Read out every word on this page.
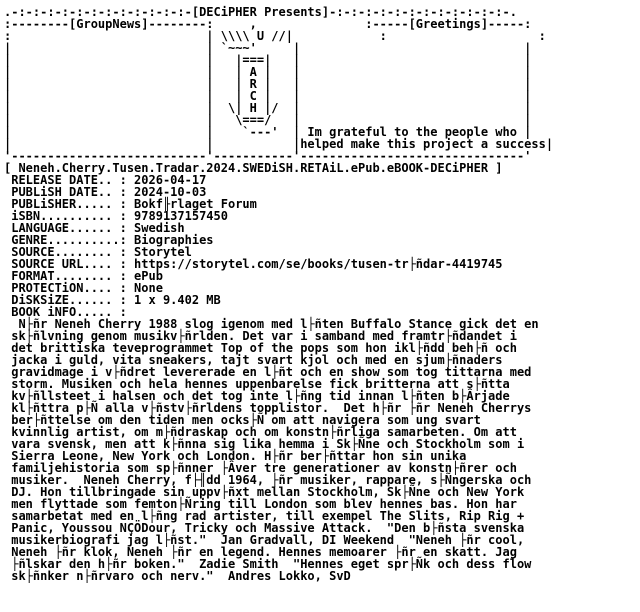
.-:-:-:-:-:-:-:-:-:-:-:-:-[DECiPHER Presents]-:-:-:-:-:-:-:-:-:-:-:-:-.
:--------[GroupNews]--------:     ,               :-----[Greetings]-----:
:                           | \\\\ U //|            :                     :
|                           | `~~~'     |                               |
|                           |   |===|   |                               |
|                           |   | A |   |                               |
|                           |   | R |   |                               |
|                           |   | C |   |                               |
|                           |  \| H |/  |                               |
|                           |   \===/   |                               |
|                           |    `---'  | Im grateful to the people who |
|                           |           |helped make this project a success|
'---------------------------'-----------'-------------------------------'
[ Neneh.Cherry.Tusen.Tradar.2024.SWEDiSH.RETAiL.ePub.eBOOK-DECiPHER ]
RELEASE DATE.. : 2026-04-17
PUBLiSH DATE.. : 2024-10-03
PUBLiSHER..... : Bokf╟rlaget Forum
iSBN.......... : 9789137157450
LANGUAGE...... : Swedish
GENRE..........: Biographies
SOURCE........ : Storytel
SOURCE URL.... : https://storytel.com/se/books/tusen-tr├ñdar-4419745
FORMAT........ : ePub
PROTECTiON.... : None
DiSKSiZE...... : 1 x 9.402 MB
BOOK iNFO..... :
N├ñr Neneh Cherry 1988 slog igenom med l├ñten Buffalo Stance gick det en
sk├ñlvning genom musikv├ñrlden. Det var i samband med framtr├ñdandet i
det brittiska teveprogrammet Top of the pops som hon ikl├ñdd beh├ñ och
jacka i guld, vita sneakers, tajt svart kjol och med en sjum├ñnaders
gravidmage i v├ñdret levererade en l├ñt och en show som tog tittarna med
storm. Musiken och hela hennes uppenbarelse fick britterna att s├ñtta
kv├ñllsteet i halsen och det tog inte l├ñng tid innan l├ñten b├Ârjade
kl├ñttra p├Ñ alla v├ñstv├ñrldens topplistor.  Det h├ñr ├ñr Neneh Cherrys
ber├ñttelse om den tiden men ocks├Ñ om att navigera som ung svart
kvinnlig artist, om m├ñdraskap och om konstn├ñrliga samarbeten. Om att
vara svensk, men att k├ñnna sig lika hemma i Sk├Ñne och Stockholm som i
Sierra Leone, New York och London. H├ñr ber├ñttar hon sin unika
familjehistoria som sp├ñnner ├Âver tre generationer av konstn├ñrer och
musiker.  Neneh Cherry, f├╢dd 1964, ├ñr musiker, rappare, s├Ñngerska och
DJ. Hon tillbringade sin uppv├ñxt mellan Stockholm, Sk├Ñne och New York
men flyttade som femton├Ñring till London som blev hennes bas. Hon har
samarbetat med en l├ñng rad artister, till exempel The Slits, Rip Rig +
Panic, Youssou NÇÖDour, Tricky och Massive Attack.  "Den b├ñsta svenska
musikerbiografi jag l├ñst."  Jan Gradvall, DI Weekend  "Neneh ├ñr cool,
Neneh ├ñr klok, Neneh ├ñr en legend. Hennes memoarer ├ñr en skatt. Jag
├ñlskar den h├ñr boken."  Zadie Smith  "Hennes eget spr├Ñk och dess flow
sk├ñnker n├ñrvaro och nerv."  Andres Lokko, SvD
